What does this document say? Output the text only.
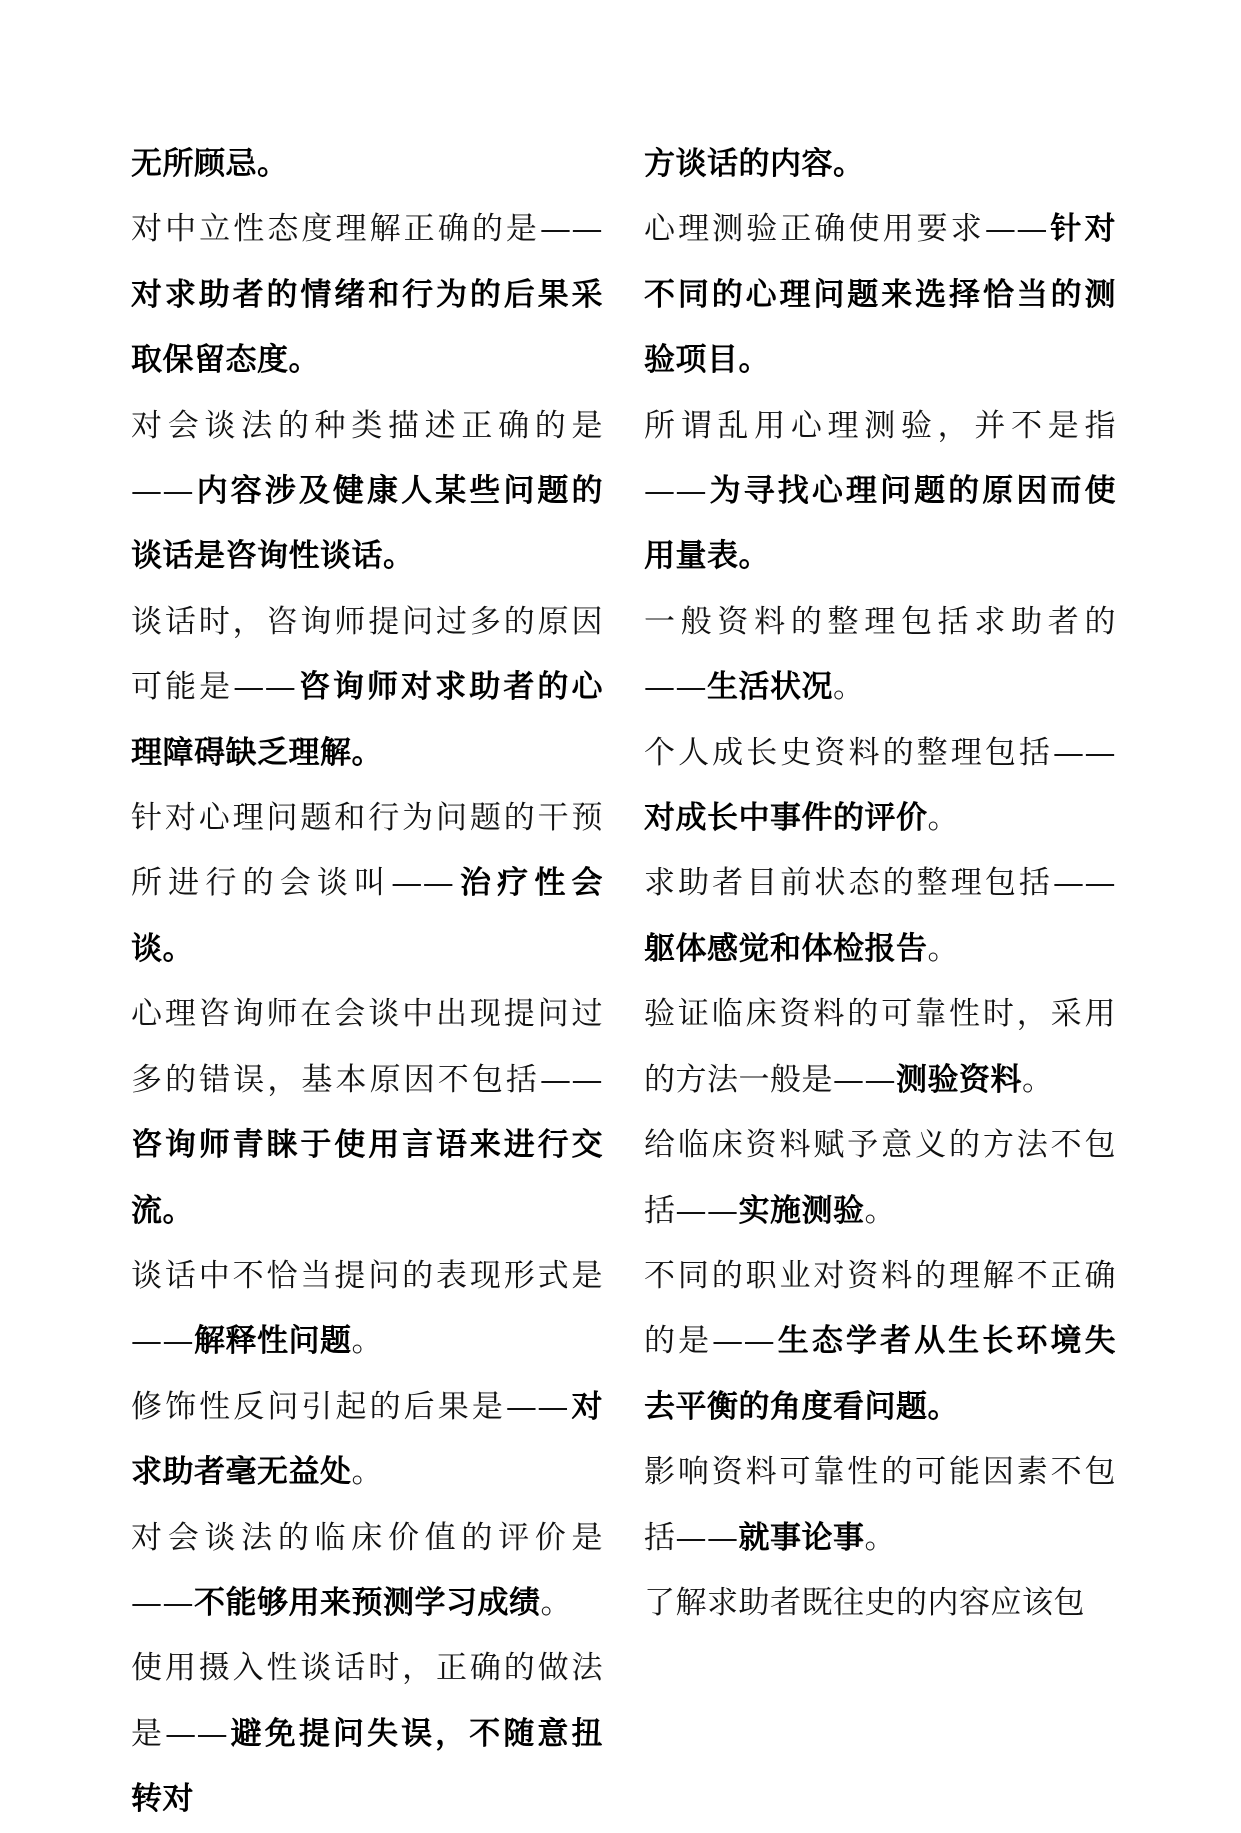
无所顾忌。
对中立性态度理解正确的是——对求助者的情绪和行为的后果采取保留态度。
对会谈法的种类描述正确的是——内容涉及健康人某些问题的谈话是咨询性谈话。
谈话时，咨询师提问过多的原因可能是——咨询师对求助者的心理障碍缺乏理解。
针对心理问题和行为问题的干预所进行的会谈叫——治疗性会谈。
心理咨询师在会谈中出现提问过多的错误，基本原因不包括——咨询师青睐于使用言语来进行交流。
谈话中不恰当提问的表现形式是——解释性问题。
修饰性反问引起的后果是——对求助者毫无益处。
对会谈法的临床价值的评价是——不能够用来预测学习成绩。
使用摄入性谈话时，正确的做法是——避免提问失误，不随意扭转对
方谈话的内容。
心理测验正确使用要求——针对不同的心理问题来选择恰当的测验项目。
所谓乱用心理测验，并不是指——为寻找心理问题的原因而使用量表。
一般资料的整理包括求助者的——生活状况。
个人成长史资料的整理包括——对成长中事件的评价。
求助者目前状态的整理包括——躯体感觉和体检报告。
验证临床资料的可靠性时，采用的方法一般是——测验资料。
给临床资料赋予意义的方法不包括——实施测验。
不同的职业对资料的理解不正确的是——生态学者从生长环境失去平衡的角度看问题。
影响资料可靠性的可能因素不包括——就事论事。
了解求助者既往史的内容应该包
